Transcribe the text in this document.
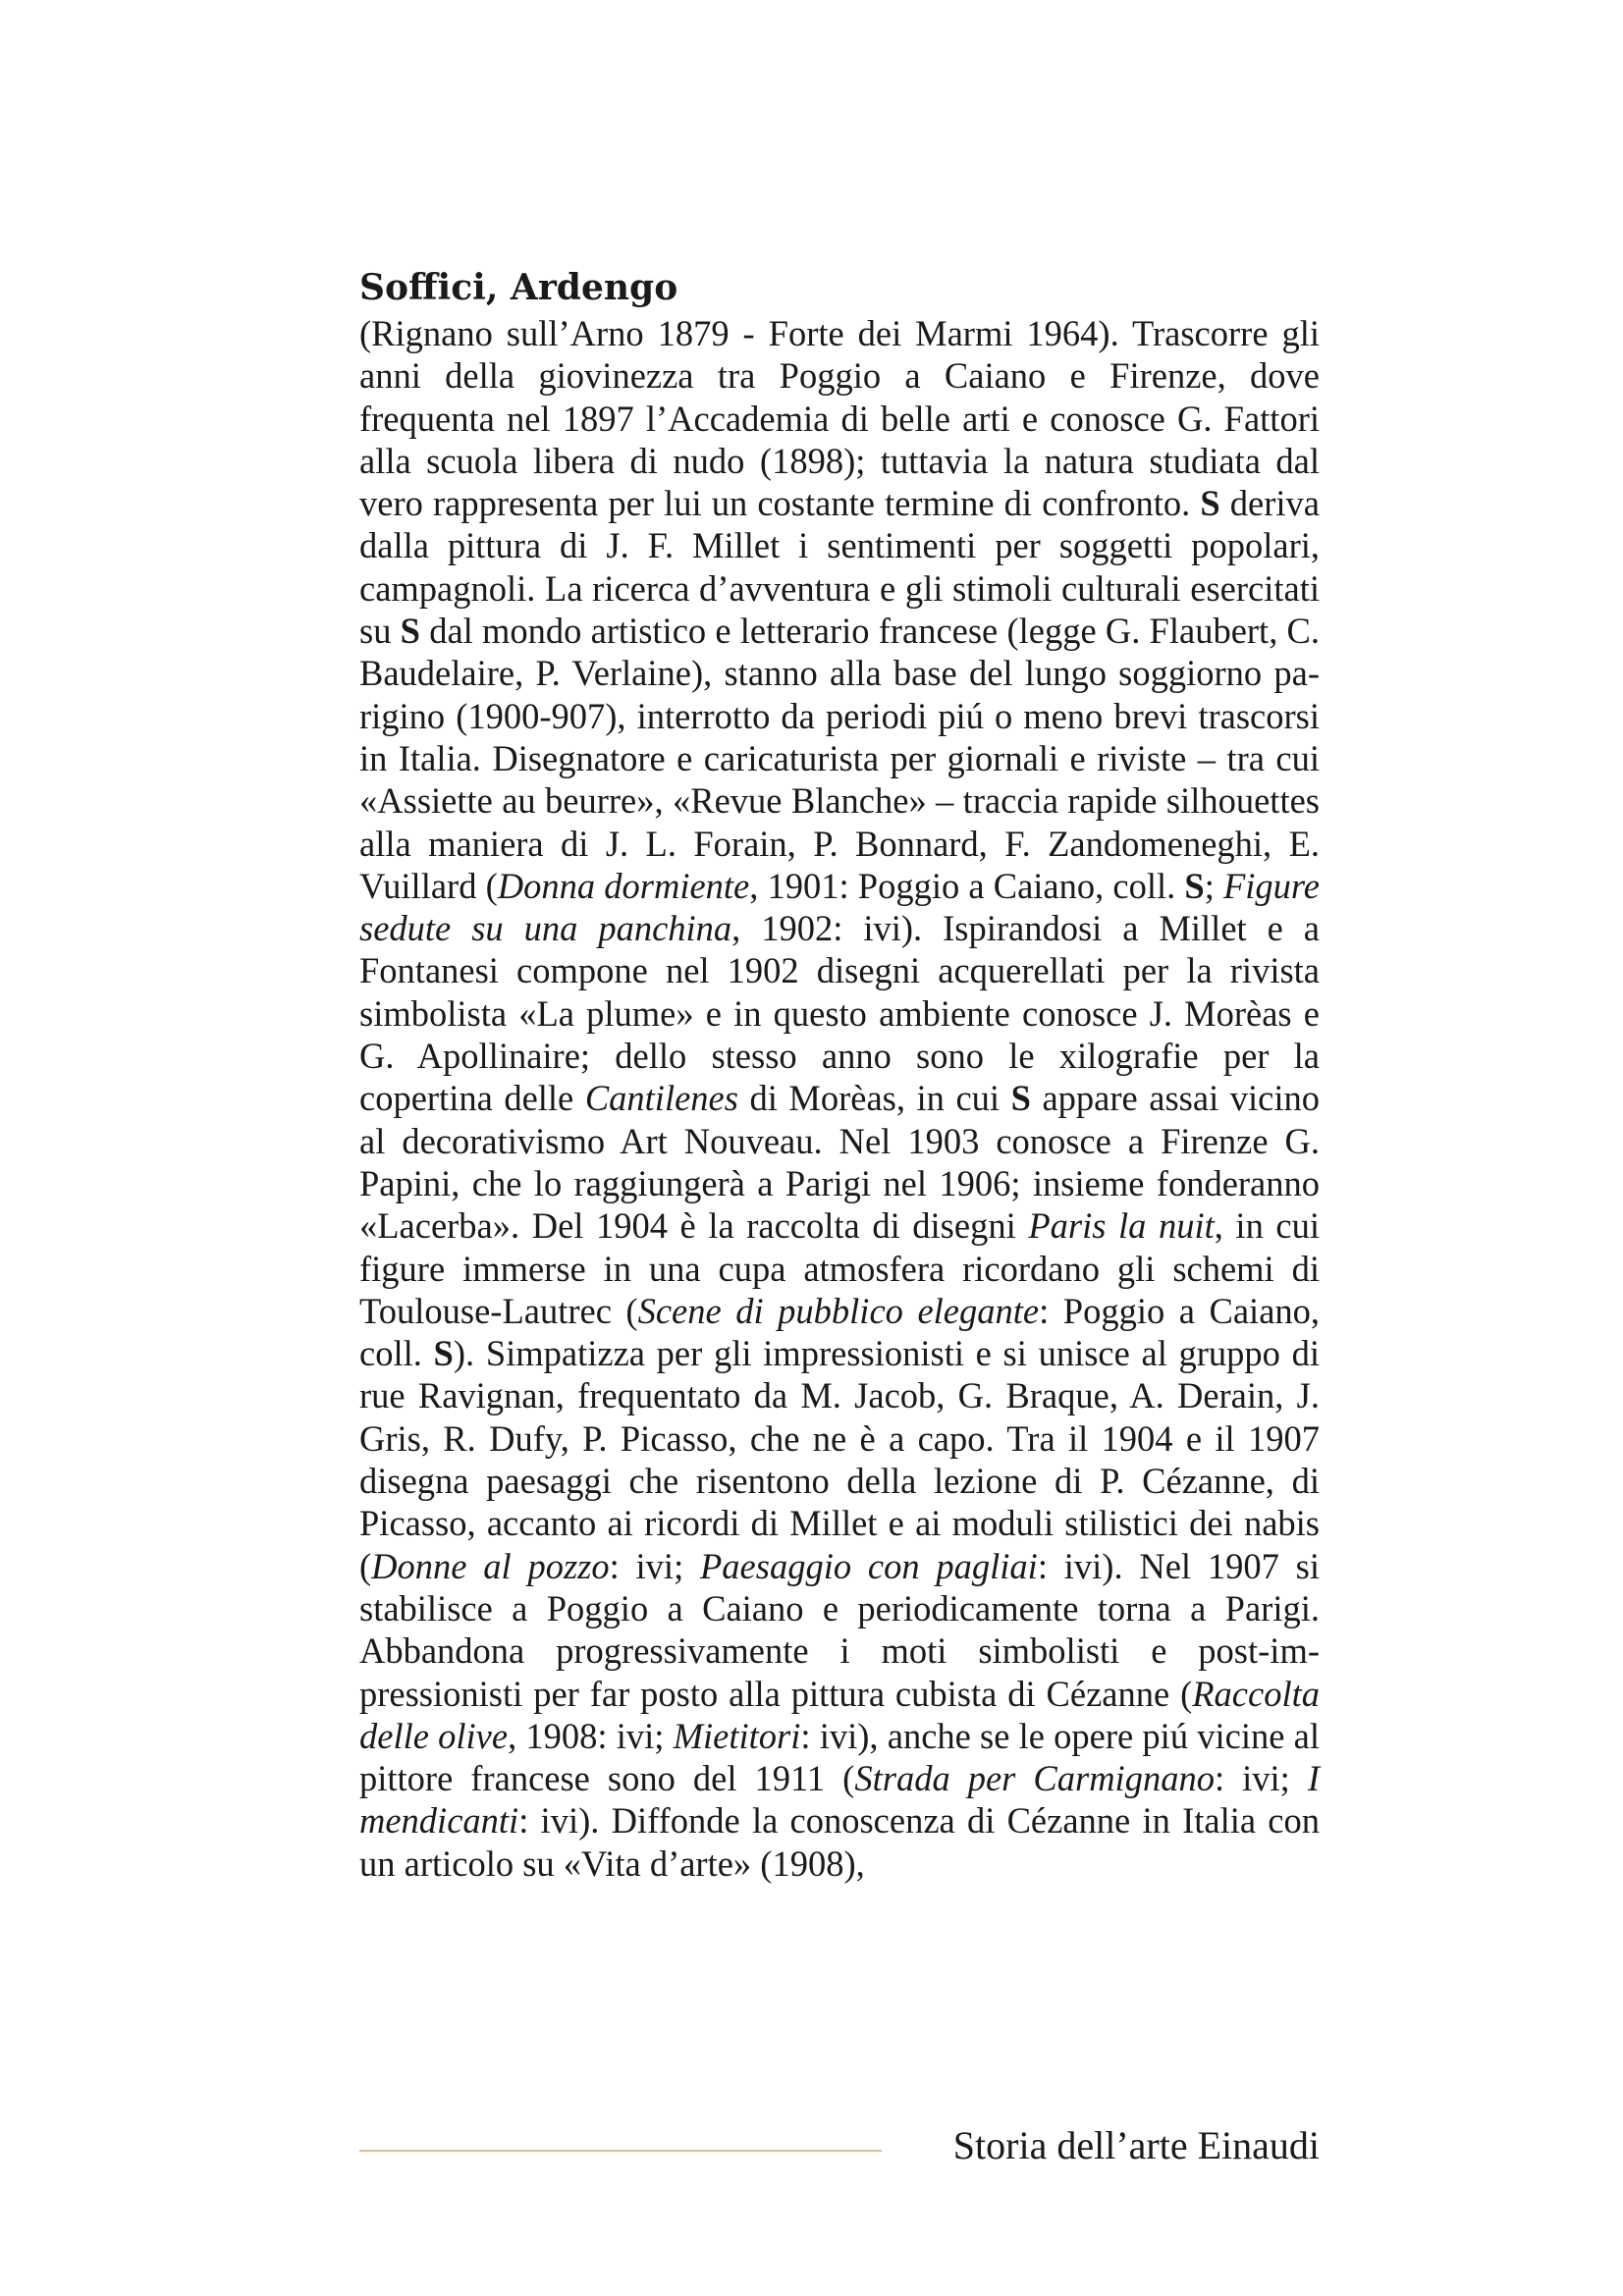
Soffici, Ardengo

(Rignano sull’Arno 1879 - Forte dei Marmi 1964). Trascorre gli anni della giovinezza tra Poggio a Caiano e Firenze, dove frequenta nel 1897 l’Accademia di belle arti e conosce G. Fattori alla scuola libera di nudo (1898); tuttavia la natura studiata dal vero rappresenta per lui un costante termine di confronto. S deriva dalla pittura di J. F. Millet i sentimenti per soggetti popolari, campagnoli. La ricerca d’avventura e gli stimoli culturali esercitati su S dal mondo artistico e letterario francese (legge G. Flaubert, C. Baudelaire, P. Verlaine), stanno alla base del lungo soggiorno parigino (1900-907), interrotto da periodi piú o meno brevi trascorsi in Italia. Disegnatore e caricaturista per giornali e riviste – tra cui «Assiette au beurre», «Revue Blanche» – traccia rapide silhouettes alla maniera di J. L. Forain, P. Bonnard, F. Zandomeneghi, E. Vuillard (Donna dormiente, 1901: Poggio a Caiano, coll. S; Figure sedute su una panchina, 1902: ivi). Ispirandosi a Millet e a Fontanesi compone nel 1902 disegni acquerellati per la rivista simbolista «La plume» e in questo ambiente conosce J. Morèas e G. Apollinaire; dello stesso anno sono le xilografie per la copertina delle Cantilenes di Morèas, in cui S appare assai vicino al decorativismo Art Nouveau. Nel 1903 conosce a Firenze G. Papini, che lo raggiungerà a Parigi nel 1906; insieme fonderanno «Lacerba». Del 1904 è la raccolta di disegni Paris la nuit, in cui figure immerse in una cupa atmosfera ricordano gli schemi di Toulouse-Lautrec (Scene di pubblico elegante: Poggio a Caiano, coll. S). Simpatizza per gli impressionisti e si unisce al gruppo di rue Ravignan, frequentato da M. Jacob, G. Braque, A. Derain, J. Gris, R. Dufy, P. Picasso, che ne è a capo. Tra il 1904 e il 1907 disegna paesaggi che risentono della lezione di P. Cézanne, di Picasso, accanto ai ricordi di Millet e ai moduli stilistici dei nabis (Donne al pozzo: ivi; Paesaggio con pagliai: ivi). Nel 1907 si stabilisce a Poggio a Caiano e periodicamente torna a Parigi. Abbandona progressivamente i moti simbolisti e post-impressionisti per far posto alla pittura cubista di Cézanne (Raccolta delle olive, 1908: ivi; Mietitori: ivi), anche se le opere piú vicine al pittore francese sono del 1911 (Strada per Carmignano: ivi; I mendicanti: ivi). Diffonde la conoscenza di Cézanne in Italia con un articolo su «Vita d’arte» (1908),

Storia dell’arte Einaudi
